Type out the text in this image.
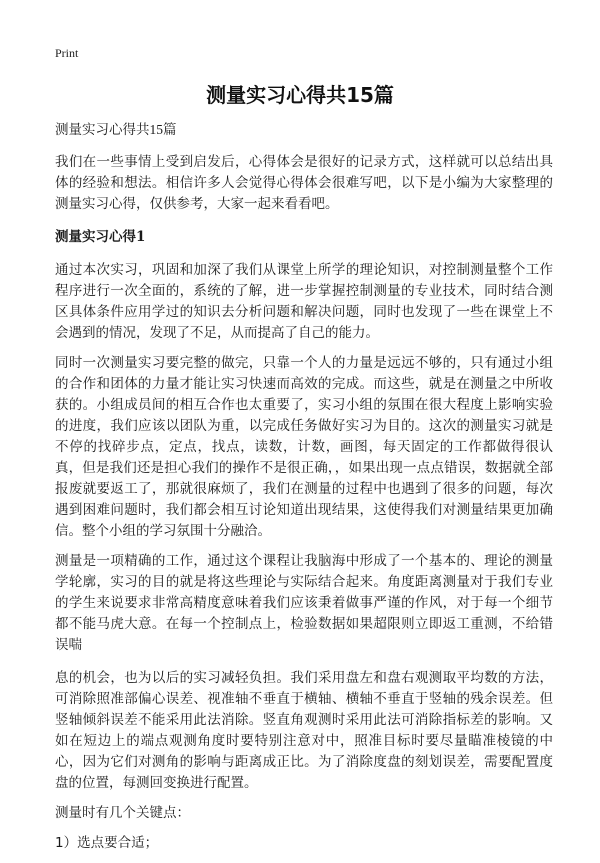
Print
测量实习心得共15篇

测量实习心得共15篇

我们在一些事情上受到启发后，心得体会是很好的记录方式，这样就可以总结出具体的经验和想法。相信许多人会觉得心得体会很难写吧，以下是小编为大家整理的测量实习心得，仅供参考，大家一起来看看吧。

测量实习心得1

通过本次实习，巩固和加深了我们从课堂上所学的理论知识，对控制测量整个工作程序进行一次全面的，系统的了解，进一步掌握控制测量的专业技术，同时结合测区具体条件应用学过的知识去分析问题和解决问题，同时也发现了一些在课堂上不会遇到的情况，发现了不足，从而提高了自己的能力。

同时一次测量实习要完整的做完，只靠一个人的力量是远远不够的，只有通过小组的合作和团体的力量才能让实习快速而高效的完成。而这些，就是在测量之中所收获的。小组成员间的相互合作也太重要了，实习小组的氛围在很大程度上影响实验的进度，我们应该以团队为重，以完成任务做好实习为目的。这次的测量实习就是不停的找碎步点，定点，找点，读数，计数，画图，每天固定的工作都做得很认真，但是我们还是担心我们的操作不是很正确，，如果出现一点点错误，数据就全部报废就要返工了，那就很麻烦了，我们在测量的过程中也遇到了很多的问题，每次遇到困难问题时，我们都会相互讨论知道出现结果，这使得我们对测量结果更加确信。整个小组的学习氛围十分融洽。

测量是一项精确的工作，通过这个课程让我脑海中形成了一个基本的、理论的测量学轮廓，实习的目的就是将这些理论与实际结合起来。角度距离测量对于我们专业的学生来说要求非常高精度意味着我们应该秉着做事严谨的作风，对于每一个细节都不能马虎大意。在每一个控制点上，检验数据如果超限则立即返工重测，不给错误喘

息的机会，也为以后的实习减轻负担。我们采用盘左和盘右观测取平均数的方法，可消除照准部偏心误差、视准轴不垂直于横轴、横轴不垂直于竖轴的残余误差。但竖轴倾斜误差不能采用此法消除。竖直角观测时采用此法可消除指标差的影响。又如在短边上的端点观测角度时要特别注意对中，照准目标时要尽量瞄准棱镜的中心，因为它们对测角的影响与距离成正比。为了消除度盘的刻划误差，需要配置度盘的位置，每测回变换进行配置。

测量时有几个关键点：

1）选点要合适；
